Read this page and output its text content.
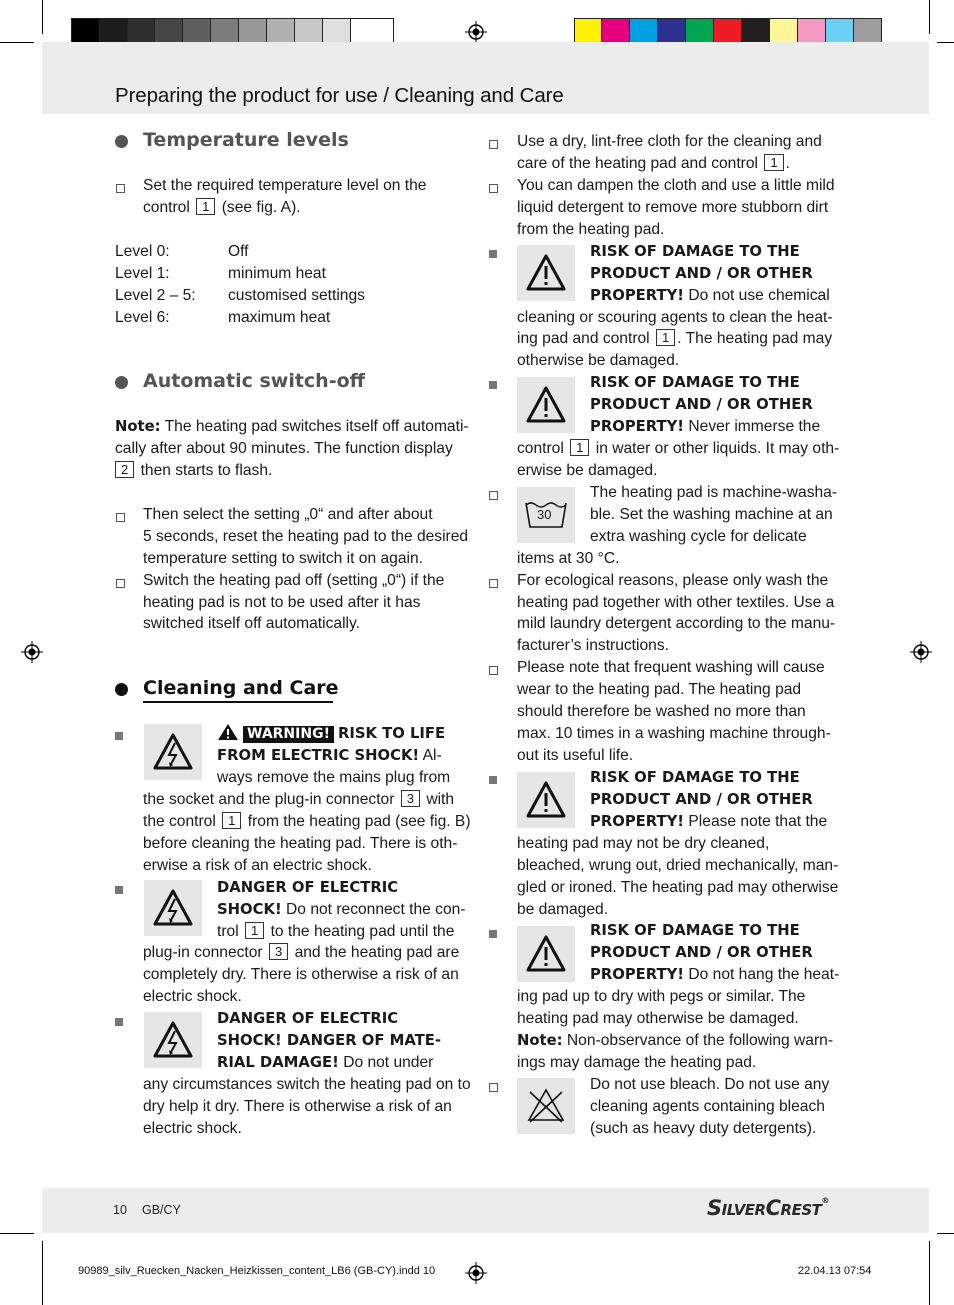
Preparing the product for use / Cleaning and Care
Temperature levels
Set the required temperature level on the
control 1 (see fig. A).
Level 0:	Off
Level 1:	minimum heat
Level 2 – 5: customised settings
Level 6:	maximum heat
Automatic switch-off
Note: The heating pad switches itself off automati-
cally after about 90 minutes. The function display
2 then starts to flash.
Then select the setting „0“ and after about
5 seconds, reset the heating pad to the desired
temperature setting to switch it on again.
Switch the heating pad off (setting „0“) if the
heating pad is not to be used after it has
switched itself off automatically.
Cleaning and Care
WARNING! RISK TO LIFE
FROM ELECTRIC SHOCK! Al-
ways remove the mains plug from
the socket and the plug-in connector 3 with
the control 1 from the heating pad (see fig. B)
before cleaning the heating pad. There is oth-
erwise a risk of an electric shock.
DANGER OF ELECTRIC
SHOCK! Do not reconnect the con-
trol 1 to the heating pad until the
plug-in connector 3 and the heating pad are
completely dry. There is otherwise a risk of an
electric shock.
DANGER OF ELECTRIC
SHOCK! DANGER OF MATE-
RIAL DAMAGE! Do not under
any circumstances switch the heating pad on to
dry help it dry. There is otherwise a risk of an
electric shock.
Use a dry, lint-free cloth for the cleaning and
care of the heating pad and control 1 .
You can dampen the cloth and use a little mild
liquid detergent to remove more stubborn dirt
from the heating pad.
RISK OF DAMAGE TO THE
PRODUCT AND / OR OTHER
PROPERTY! Do not use chemical
cleaning or scouring agents to clean the heat-
ing pad and control 1 . The heating pad may
otherwise be damaged.
RISK OF DAMAGE TO THE
PRODUCT AND / OR OTHER
PROPERTY! Never immerse the
control 1 in water or other liquids. It may oth-
erwise be damaged.
30
The heating pad is machine-washa-
ble. Set the washing machine at an
extra washing cycle for delicate
items at 30 °C.
For ecological reasons, please only wash the
heating pad together with other textiles. Use a
mild laundry detergent according to the manu-
facturer’s instructions.
Please note that frequent washing will cause
wear to the heating pad. The heating pad
should therefore be washed no more than
max. 10 times in a washing machine through-
out its useful life.
RISK OF DAMAGE TO THE
PRODUCT AND / OR OTHER
PROPERTY! Please note that the
heating pad may not be dry cleaned,
bleached, wrung out, dried mechanically, man-
gled or ironed. The heating pad may otherwise
be damaged.
RISK OF DAMAGE TO THE
PRODUCT AND / OR OTHER
PROPERTY! Do not hang the heat-
ing pad up to dry with pegs or similar. The
heating pad may otherwise be damaged.
Note: Non-observance of the following warn-
ings may damage the heating pad.
Do not use bleach. Do not use any
cleaning agents containing bleach
(such as heavy duty detergents).
10 GB/CY	SILVERCREST®
90989_silv_Ruecken_Nacken_Heizkissen_content_LB6 (GB-CY).indd 10	22.04.13 07:54
